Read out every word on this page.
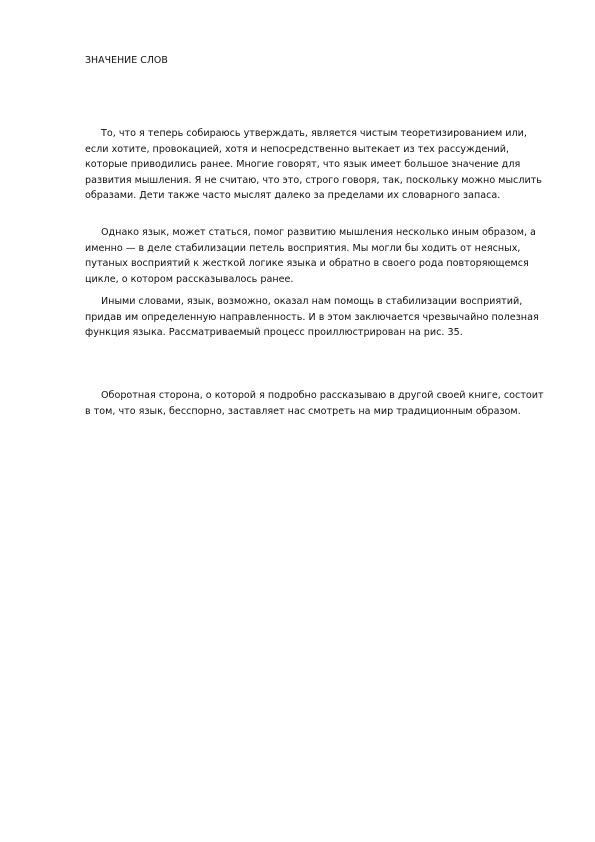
ЗНАЧЕНИЕ СЛОВ

То, что я теперь собираюсь утверждать, является чистым теоретизированием или, если хотите, провокацией, хотя и непосредственно вытекает из тех рассуждений, которые приводились ранее. Многие говорят, что язык имеет большое значение для развития мышления. Я не считаю, что это, строго говоря, так, поскольку можно мыслить образами. Дети также часто мыслят далеко за пределами их словарного запаса.

Однако язык, может статься, помог развитию мышления несколько иным образом, а именно — в деле стабилизации петель восприятия. Мы могли бы ходить от неясных, путаных восприятий к жесткой логике языка и обратно в своего рода повторяющемся цикле, о котором рассказывалось ранее.

Иными словами, язык, возможно, оказал нам помощь в стабилизации восприятий, придав им определенную направленность. И в этом заключается чрезвычайно полезная функция языка. Рассматриваемый процесс проиллюстрирован на рис. 35.

Оборотная сторона, о которой я подробно рассказываю в другой своей книге, состоит в том, что язык, бесспорно, заставляет нас смотреть на мир традиционным образом.
